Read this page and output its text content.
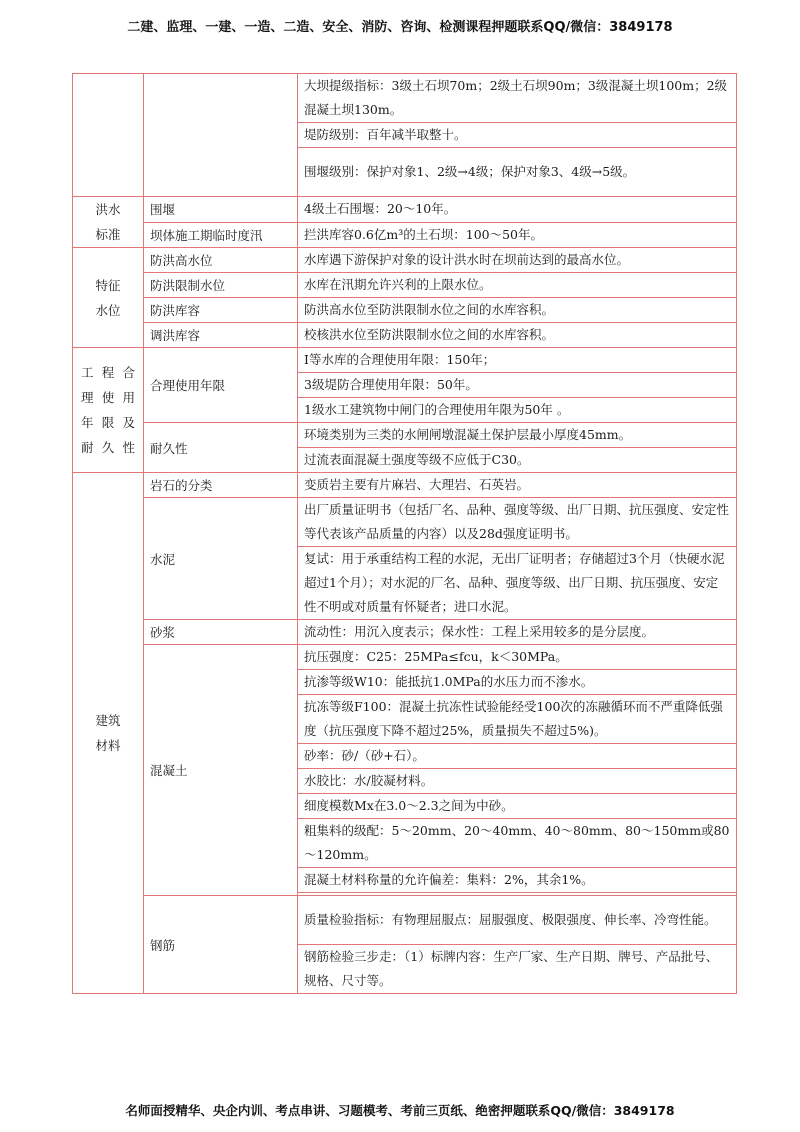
二建、监理、一建、一造、二造、安全、消防、咨询、检测课程押题联系QQ/微信：3849178
		大坝提级指标：3级土石坝70m；2级土石坝90m；3级混凝土坝100m；2级混凝土坝130m。
		堤防级别：百年减半取整十。
		围堰级别：保护对象1、2级→4级；保护对象3、4级→5级。

洪水
标准	围堰	4级土石围堰：20～10年。
	坝体施工期临时度汛	拦洪库容0.6亿m³的土石坝：100～50年。

特征
水位	防洪高水位	水库遇下游保护对象的设计洪水时在坝前达到的最高水位。
	防洪限制水位	水库在汛期允许兴利的上限水位。
	防洪库容	防洪高水位至防洪限制水位之间的水库容积。
	调洪库容	校核洪水位至防洪限制水位之间的水库容积。

工程合
理使用
年限及
耐久性	合理使用年限	Ⅰ等水库的合理使用年限：150年；
		3级堤防合理使用年限：50年。
		1级水工建筑物中闸门的合理使用年限为50年 。
	耐久性	环境类别为三类的水闸闸墩混凝土保护层最小厚度45mm。
		过流表面混凝土强度等级不应低于C30。

建筑
材料	岩石的分类	变质岩主要有片麻岩、大理岩、石英岩。
	水泥	出厂质量证明书（包括厂名、品种、强度等级、出厂日期、抗压强度、安定性等代表该产品质量的内容）以及28d强度证明书。
		复试：用于承重结构工程的水泥，无出厂证明者；存储超过3个月（快硬水泥超过1个月）；对水泥的厂名、品种、强度等级、出厂日期、抗压强度、安定性不明或对质量有怀疑者；进口水泥。
	砂浆	流动性：用沉入度表示；保水性：工程上采用较多的是分层度。
	混凝土	抗压强度：C25：25MPa≤fcu，k＜30MPa。
		抗渗等级W10：能抵抗1.0MPa的水压力而不渗水。
		抗冻等级F100：混凝土抗冻性试验能经受100次的冻融循环而不严重降低强度（抗压强度下降不超过25%，质量损失不超过5%)。
		砂率：砂/（砂+石）。
		水胶比：水/胶凝材料。
		细度模数Mx在3.0～2.3之间为中砂。
		粗集料的级配：5～20mm、20～40mm、40～80mm、80～150mm或80～120mm。
		混凝土材料称量的允许偏差：集料：2%，其余1%。

	钢筋	质量检验指标：有物理屈服点：屈服强度、极限强度、伸长率、冷弯性能。
		钢筋检验三步走：（1）标牌内容：生产厂家、生产日期、牌号、产品批号、规格、尺寸等。
名师面授精华、央企内训、考点串讲、习题模考、考前三页纸、绝密押题联系QQ/微信：3849178
